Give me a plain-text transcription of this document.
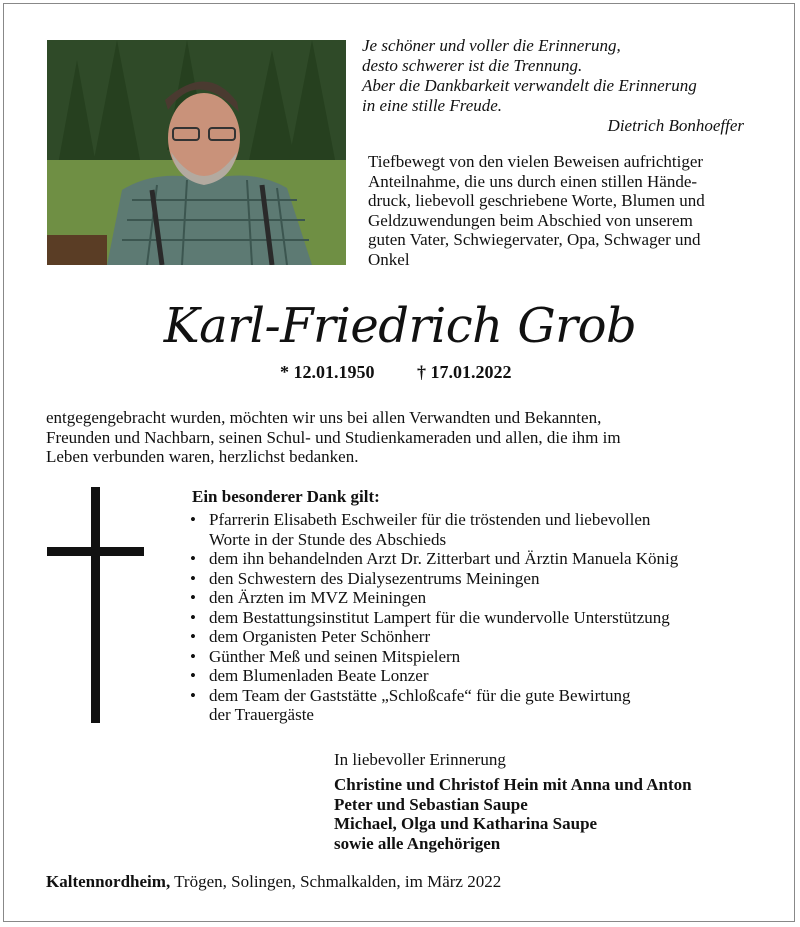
Je schöner und voller die Erinnerung,
desto schwerer ist die Trennung.
Aber die Dankbarkeit verwandelt die Erinnerung
in eine stille Freude.
Dietrich Bonhoeffer
Tiefbewegt von den vielen Beweisen aufrichtiger
Anteilnahme, die uns durch einen stillen Hände-
druck, liebevoll geschriebene Worte, Blumen und
Geldzuwendungen beim Abschied von unserem
guten Vater, Schwiegervater, Opa, Schwager und
Onkel
Karl-Friedrich Grob
* 12.01.1950 † 17.01.2022
entgegengebracht wurden, möchten wir uns bei allen Verwandten und Bekannten,
Freunden und Nachbarn, seinen Schul- und Studienkameraden und allen, die ihm im
Leben verbunden waren, herzlichst bedanken.
Ein besonderer Dank gilt:
• Pfarrerin Elisabeth Eschweiler für die tröstenden und liebevollen
Worte in der Stunde des Abschieds
• dem ihn behandelnden Arzt Dr. Zitterbart und Ärztin Manuela König
• den Schwestern des Dialysezentrums Meiningen
• den Ärzten im MVZ Meiningen
• dem Bestattungsinstitut Lampert für die wundervolle Unterstützung
• dem Organisten Peter Schönherr
• Günther Meß und seinen Mitspielern
• dem Blumenladen Beate Lonzer
• dem Team der Gaststätte „Schloßcafe“ für die gute Bewirtung
der Trauergäste
In liebevoller Erinnerung
Christine und Christof Hein mit Anna und Anton
Peter und Sebastian Saupe
Michael, Olga und Katharina Saupe
sowie alle Angehörigen
Kaltennordheim, Trögen, Solingen, Schmalkalden, im März 2022
